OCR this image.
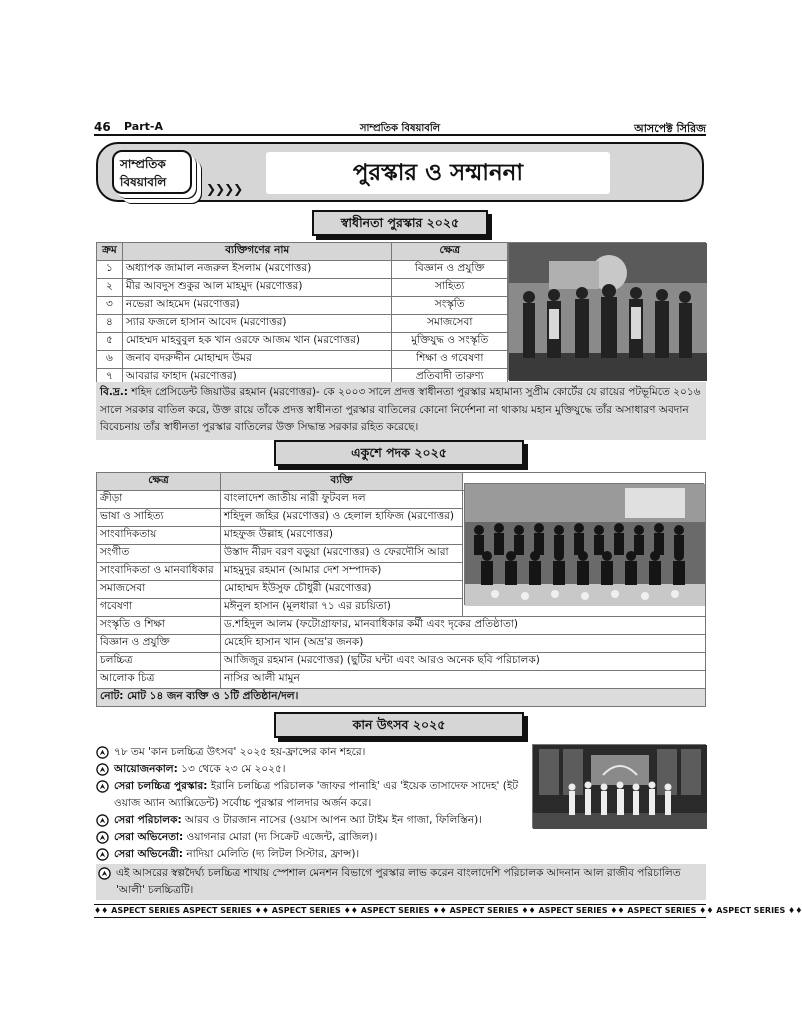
46 Part-A	সাম্প্রতিক বিষয়াবলি	আসপেক্ট সিরিজ
সাম্প্রতিক
বিষয়াবলি	❯❯❯❯
পুরস্কার ও সম্মাননা
স্বাধীনতা পুরস্কার ২০২৫
ক্রম	ব্যক্তিগণের নাম	ক্ষেত্র
১	অধ্যাপক জামাল নজরুল ইসলাম (মরণোত্তর)	বিজ্ঞান ও প্রযুক্তি
২	মীর আবদুস শুকুর আল মাহমুদ (মরণোত্তর)	সাহিত্য
৩	নভেরা আহমেদ (মরণোত্তর)	সংস্কৃতি
৪	স্যার ফজলে হাসান আবেদ (মরণোত্তর)	সমাজসেবা
৫	মোহম্মদ মাহবুবুল হক খান ওরফে আজম খান (মরণোত্তর)	মুক্তিযুদ্ধ ও সংস্কৃতি
৬	জনাব বদরুদ্দীন মোহাম্মদ উমর	শিক্ষা ও গবেষণা
৭	আবরার ফাহাদ (মরণোত্তর)	প্রতিবাদী তারুণ্য
বি.দ্র.: শহিদ প্রেসিডেন্ট জিয়াউর রহমান (মরণোত্তর)- কে ২০০৩ সালে প্রদত্ত স্বাধীনতা পুরস্কার মহামান্য সুপ্রীম কোর্টের যে রায়ের পটভূমিতে ২০১৬ সালে সরকার বাতিল করে, উক্ত রায়ে তাঁকে প্রদত্ত স্বাধীনতা পুরস্কার বাতিলের কোনো নির্দেশনা না থাকায় মহান মুক্তিযুদ্ধে তাঁর অসাধারণ অবদান বিবেচনায় তাঁর স্বাধীনতা পুরস্কার বাতিলের উক্ত সিদ্ধান্ত সরকার রহিত করেছে।
একুশে পদক ২০২৫
ক্ষেত্র	ব্যক্তি	
ক্রীড়া	বাংলাদেশ জাতীয় নারী ফুটবল দল	
ভাষা ও সাহিত্য	শহিদুল জহির (মরণোত্তর) ও হেলাল হাফিজ (মরণোত্তর)	
সাংবাদিকতায়	মাহফুজ উল্লাহ (মরণোত্তর)	
সংগীত	উস্তাদ নীরদ বরণ বড়ুয়া (মরণোত্তর) ও ফেরদৌসি আরা	
সাংবাদিকতা ও মানবাধিকার	মাহমুদুর রহমান (আমার দেশ সম্পাদক)	
সমাজসেবা	মোহাম্মদ ইউসুফ চৌধুরী (মরণোত্তর)	
গবেষণা	মঈনুল হাসান (মূলধারা ৭১ এর রচয়িতা)	
সংস্কৃতি ও শিক্ষা	ড.শহিদুল আলম (ফটোগ্রাফার, মানবাধিকার কর্মী এবং দৃকের প্রতিষ্ঠাতা)	
বিজ্ঞান ও প্রযুক্তি	মেহেদি হাসান খান (অভ্র'র জনক)	
চলচ্চিত্র	আজিজুর রহমান (মরণোত্তর) (ছুটির ঘন্টা এবং আরও অনেক ছবি পরিচালক)	
আলোক চিত্র	নাসির আলী মামুন	
নোট: মোট ১৪ জন ব্যক্তি ও ১টি প্রতিষ্ঠান/দল।		
কান উৎসব ২০২৫
৭৮ তম 'কান চলচ্চিত্র উৎসব' ২০২৫ হয়-ফ্রান্সের কান শহরে।
আয়োজনকাল: ১৩ থেকে ২৩ মে ২০২৫।
সেরা চলচ্চিত্র পুরস্কার: ইরানি চলচ্চিত্র পরিচালক 'জাফর পানাহি' এর 'ইয়েক তাসাদেফ সাদেহ' (ইট ওয়াজ অ্যান অ্যাক্সিডেন্ট) সর্বোচ্চ পুরস্কার পালদার অর্জন করে।
সেরা পরিচালক: আরব ও টারজান নাসের (ওয়াস আপন অ্যা টাইম ইন গাজা, ফিলিস্তিন)।
সেরা অভিনেতা: ওয়াগনার মোরা (দ্য সিক্রেট এজেন্ট, ব্রাজিল)।
সেরা অভিনেত্রী: নাদিয়া মেলিতি (দ্য লিটল সিস্টার, ফ্রান্স)।
এই আসরের স্বল্পদৈর্ঘ্য চলচ্চিত্র শাখায় স্পেশাল মেনশন বিভাগে পুরস্কার লাভ করেন বাংলাদেশি পরিচালক আদনান আল রাজীব পরিচালিত 'আলী' চলচ্চিত্রটি।
♦♦ ASPECT SERIES ASPECT SERIES ♦♦ ASPECT SERIES ♦♦ ASPECT SERIES ♦♦ ASPECT SERIES ♦♦ ASPECT SERIES ♦♦ ASPECT SERIES ♦♦ ASPECT SERIES ♦♦
